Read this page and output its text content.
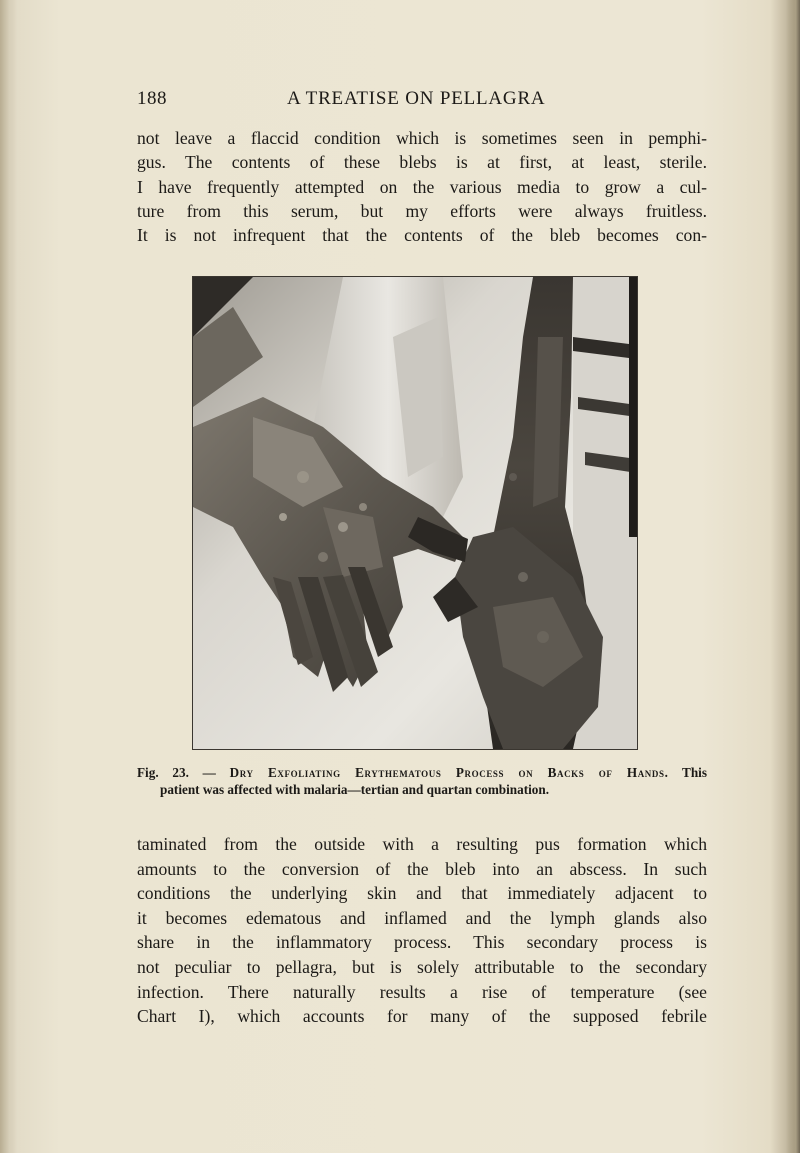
188	A TREATISE ON PELLAGRA
not leave a flaccid condition which is sometimes seen in pemphi-
gus. The contents of these blebs is at first, at least, sterile.
I have frequently attempted on the various media to grow a cul-
ture from this serum, but my efforts were always fruitless.
It is not infrequent that the contents of the bleb becomes con-
Fig. 23. — Dry Exfoliating Erythematous Process on Backs of Hands. This
patient was affected with malaria—tertian and quartan combination.
taminated from the outside with a resulting pus formation which
amounts to the conversion of the bleb into an abscess. In such
conditions the underlying skin and that immediately adjacent to
it becomes edematous and inflamed and the lymph glands also
share in the inflammatory process. This secondary process is
not peculiar to pellagra, but is solely attributable to the secondary
infection. There naturally results a rise of temperature (see
Chart I), which accounts for many of the supposed febrile
